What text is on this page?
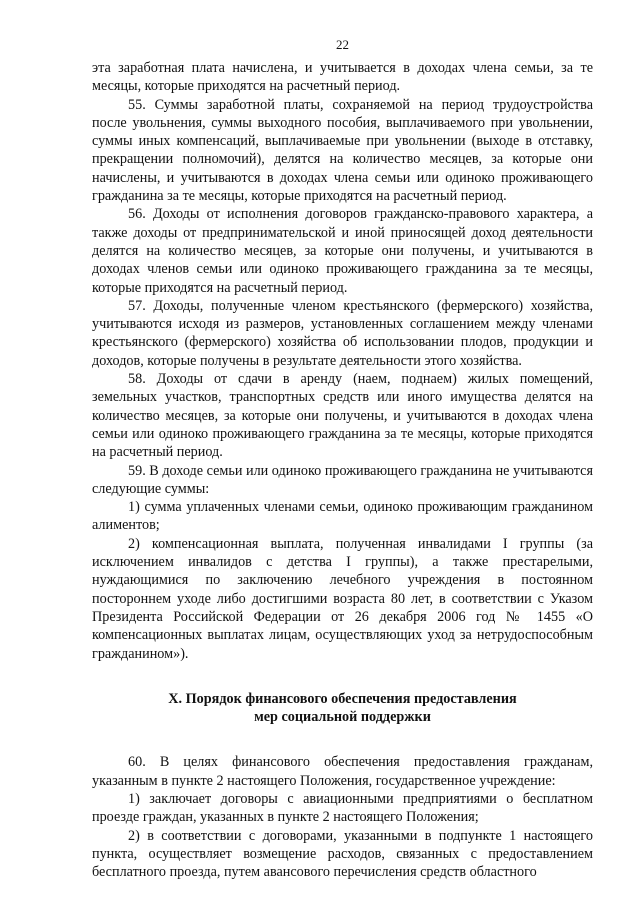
22

эта заработная плата начислена, и учитывается в доходах члена семьи, за те месяцы, которые приходятся на расчетный период.

55. Суммы заработной платы, сохраняемой на период трудоустройства после увольнения, суммы выходного пособия, выплачиваемого при увольнении, суммы иных компенсаций, выплачиваемые при увольнении (выходе в отставку, прекращении полномочий), делятся на количество месяцев, за которые они начислены, и учитываются в доходах члена семьи или одиноко проживающего гражданина за те месяцы, которые приходятся на расчетный период.

56. Доходы от исполнения договоров гражданско-правового характера, а также доходы от предпринимательской и иной приносящей доход деятельности делятся на количество месяцев, за которые они получены, и учитываются в доходах членов семьи или одиноко проживающего гражданина за те месяцы, которые приходятся на расчетный период.

57. Доходы, полученные членом крестьянского (фермерского) хозяйства, учитываются исходя из размеров, установленных соглашением между членами крестьянского (фермерского) хозяйства об использовании плодов, продукции и доходов, которые получены в результате деятельности этого хозяйства.

58. Доходы от сдачи в аренду (наем, поднаем) жилых помещений, земельных участков, транспортных средств или иного имущества делятся на количество месяцев, за которые они получены, и учитываются в доходах члена семьи или одиноко проживающего гражданина за те месяцы, которые приходятся на расчетный период.

59. В доходе семьи или одиноко проживающего гражданина не учитываются следующие суммы:

1) сумма уплаченных членами семьи, одиноко проживающим гражданином алиментов;

2) компенсационная выплата, полученная инвалидами I группы (за исключением инвалидов с детства I группы), а также престарелыми, нуждающимися по заключению лечебного учреждения в постоянном постороннем уходе либо достигшими возраста 80 лет, в соответствии с Указом Президента Российской Федерации от 26 декабря 2006 год № 1455 «О компенсационных выплатах лицам, осуществляющих уход за нетрудоспособным гражданином»).

X. Порядок финансового обеспечения предоставления
мер социальной поддержки

60. В целях финансового обеспечения предоставления гражданам, указанным в пункте 2 настоящего Положения, государственное учреждение:

1) заключает договоры с авиационными предприятиями о бесплатном проезде граждан, указанных в пункте 2 настоящего Положения;

2) в соответствии с договорами, указанными в подпункте 1 настоящего пункта, осуществляет возмещение расходов, связанных с предоставлением бесплатного проезда, путем авансового перечисления средств областного
